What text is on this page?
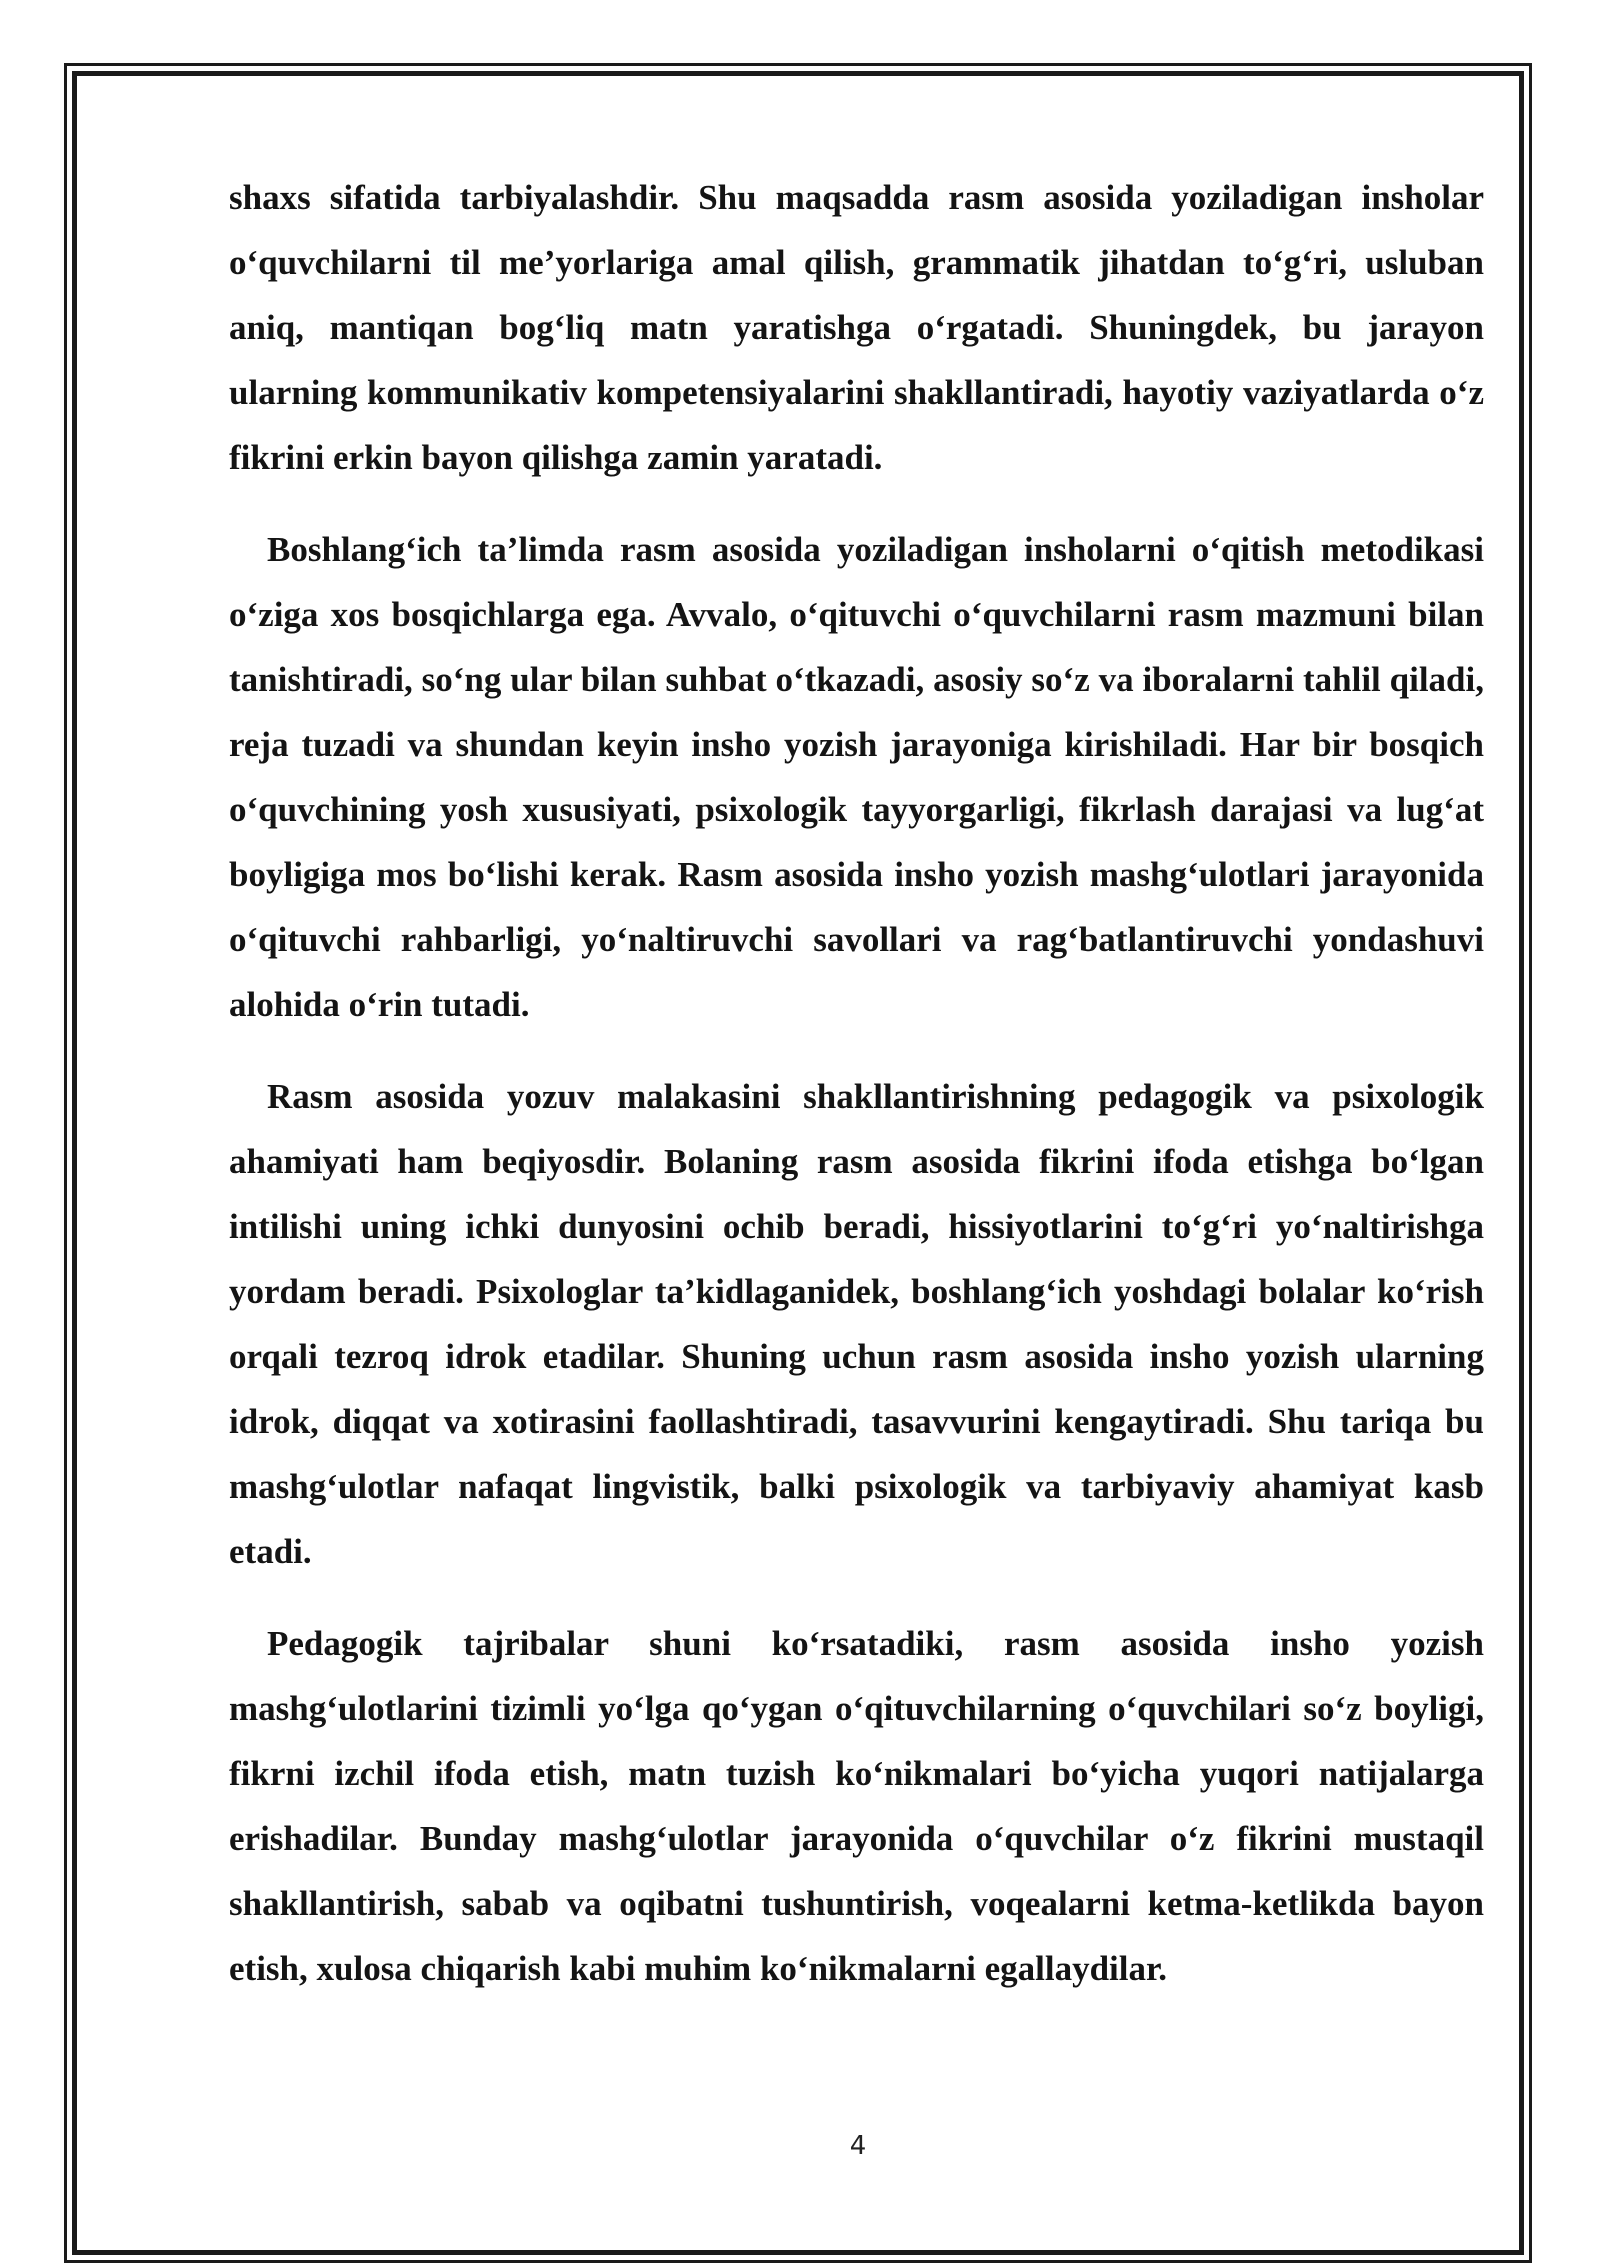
shaxs sifatida tarbiyalashdir. Shu maqsadda rasm asosida yoziladigan insholar o‘quvchilarni til me’yorlariga amal qilish, grammatik jihatdan to‘g‘ri, usluban aniq, mantiqan bog‘liq matn yaratishga o‘rgatadi. Shuningdek, bu jarayon ularning kommunikativ kompetensiyalarini shakllantiradi, hayotiy vaziyatlarda o‘z fikrini erkin bayon qilishga zamin yaratadi.

Boshlang‘ich ta’limda rasm asosida yoziladigan insholarni o‘qitish metodikasi o‘ziga xos bosqichlarga ega. Avvalo, o‘qituvchi o‘quvchilarni rasm mazmuni bilan tanishtiradi, so‘ng ular bilan suhbat o‘tkazadi, asosiy so‘z va iboralarni tahlil qiladi, reja tuzadi va shundan keyin insho yozish jarayoniga kirishiladi. Har bir bosqich o‘quvchining yosh xususiyati, psixologik tayyorgarligi, fikrlash darajasi va lug‘at boyligiga mos bo‘lishi kerak. Rasm asosida insho yozish mashg‘ulotlari jarayonida o‘qituvchi rahbarligi, yo‘naltiruvchi savollari va rag‘batlantiruvchi yondashuvi alohida o‘rin tutadi.

Rasm asosida yozuv malakasini shakllantirishning pedagogik va psixologik ahamiyati ham beqiyosdir. Bolaning rasm asosida fikrini ifoda etishga bo‘lgan intilishi uning ichki dunyosini ochib beradi, hissiyotlarini to‘g‘ri yo‘naltirishga yordam beradi. Psixologlar ta’kidlaganidek, boshlang‘ich yoshdagi bolalar ko‘rish orqali tezroq idrok etadilar. Shuning uchun rasm asosida insho yozish ularning idrok, diqqat va xotirasini faollashtiradi, tasavvurini kengaytiradi. Shu tariqa bu mashg‘ulotlar nafaqat lingvistik, balki psixologik va tarbiyaviy ahamiyat kasb etadi.

Pedagogik tajribalar shuni ko‘rsatadiki, rasm asosida insho yozish mashg‘ulotlarini tizimli yo‘lga qo‘ygan o‘qituvchilarning o‘quvchilari so‘z boyligi, fikrni izchil ifoda etish, matn tuzish ko‘nikmalari bo‘yicha yuqori natijalarga erishadilar. Bunday mashg‘ulotlar jarayonida o‘quvchilar o‘z fikrini mustaqil shakllantirish, sabab va oqibatni tushuntirish, voqealarni ketma-ketlikda bayon etish, xulosa chiqarish kabi muhim ko‘nikmalarni egallaydilar.

4
